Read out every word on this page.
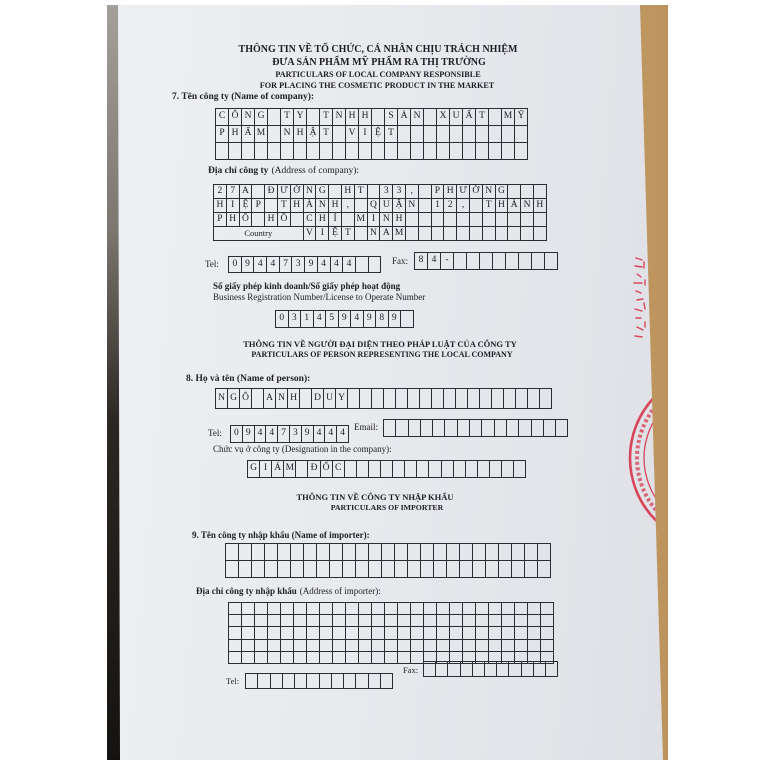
THÔNG TIN VỀ TỔ CHỨC, CÁ NHÂN CHỊU TRÁCH NHIỆM
ĐƯA SẢN PHẨM MỸ PHẨM RA THỊ TRƯỜNG
PARTICULARS OF LOCAL COMPANY RESPONSIBLE
FOR PLACING THE COSMETIC PRODUCT IN THE MARKET
7. Tên công ty (Name of company):
C Ô N G	T Y	T N H H	S Ả N	X U Ấ T	M Ỹ
P H Ẩ M N H Ậ T	V I Ệ T
Địa chỉ công ty (Address of company):
2 7 A	Đ Ư Ờ N G	H T	3 3 ,	P H Ư Ờ N G
H I Ệ P	T H À N H ,	Q U Ậ N	1 2 ,	T H À N H
P H Ố	H Ồ	C H Í	M I N H
Country	V I Ệ T	N A M
Tel:	0 9 4 4 7 3 9 4 4 4	Fax:	8 4 -
Số giấy phép kinh doanh/Số giấy phép hoạt động
Business Registration Number/License to Operate Number
0 3 1 4 5 9 4 9 8 9
THÔNG TIN VỀ NGƯỜI ĐẠI DIỆN THEO PHÁP LUẬT CỦA CÔNG TY
PARTICULARS OF PERSON REPRESENTING THE LOCAL COMPANY
8. Họ và tên (Name of person):
N G Ô	A N H	D U Y
Tel:	0 9 4 4 7 3 9 4 4 4
Email:
Chức vụ ở công ty (Designation in the company):
G I Á M Đ Ố C
THÔNG TIN VỀ CÔNG TY NHẬP KHẨU
PARTICULARS OF IMPORTER
9. Tên công ty nhập khẩu (Name of importer):
Địa chỉ công ty nhập khẩu (Address of importer):
Tel:
Fax:
